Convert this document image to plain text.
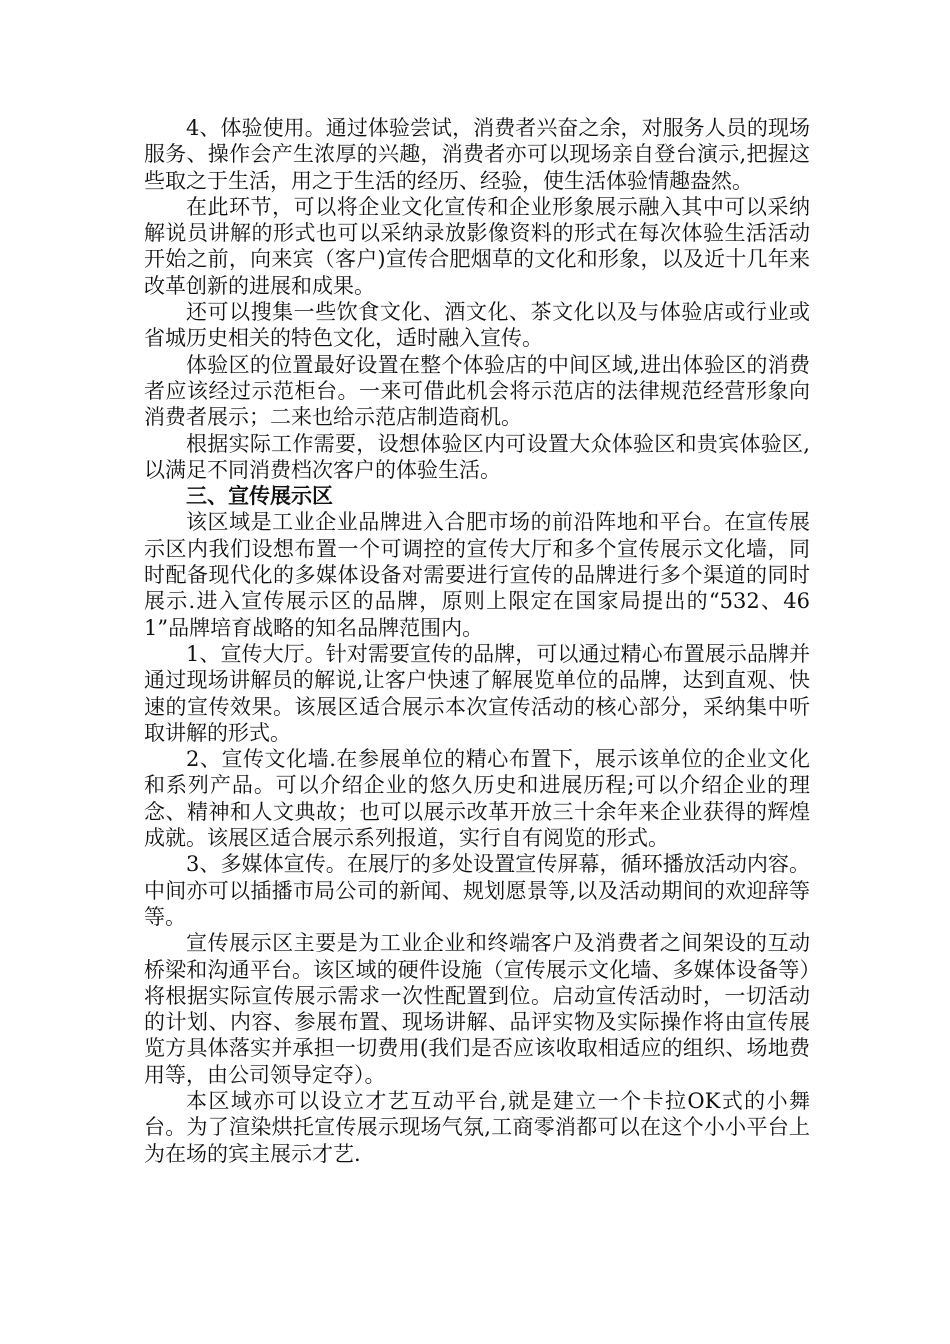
4、体验使用。通过体验尝试，消费者兴奋之余，对服务人员的现场服务、操作会产生浓厚的兴趣，消费者亦可以现场亲自登台演示,把握这些取之于生活，用之于生活的经历、经验，使生活体验情趣盎然。

在此环节，可以将企业文化宣传和企业形象展示融入其中可以采纳解说员讲解的形式也可以采纳录放影像资料的形式在每次体验生活活动开始之前，向来宾（客户)宣传合肥烟草的文化和形象，以及近十几年来改革创新的进展和成果。

还可以搜集一些饮食文化、酒文化、茶文化以及与体验店或行业或省城历史相关的特色文化，适时融入宣传。

体验区的位置最好设置在整个体验店的中间区域,进出体验区的消费者应该经过示范柜台。一来可借此机会将示范店的法律规范经营形象向消费者展示；二来也给示范店制造商机。

根据实际工作需要，设想体验区内可设置大众体验区和贵宾体验区,以满足不同消费档次客户的体验生活。

三、宣传展示区

该区域是工业企业品牌进入合肥市场的前沿阵地和平台。在宣传展示区内我们设想布置一个可调控的宣传大厅和多个宣传展示文化墙，同时配备现代化的多媒体设备对需要进行宣传的品牌进行多个渠道的同时展示.进入宣传展示区的品牌，原则上限定在国家局提出的“532、461”品牌培育战略的知名品牌范围内。

1、宣传大厅。针对需要宣传的品牌，可以通过精心布置展示品牌并通过现场讲解员的解说,让客户快速了解展览单位的品牌，达到直观、快速的宣传效果。该展区适合展示本次宣传活动的核心部分，采纳集中听取讲解的形式。

2、宣传文化墙.在参展单位的精心布置下，展示该单位的企业文化和系列产品。可以介绍企业的悠久历史和进展历程;可以介绍企业的理念、精神和人文典故；也可以展示改革开放三十余年来企业获得的辉煌成就。该展区适合展示系列报道，实行自有阅览的形式。

3、多媒体宣传。在展厅的多处设置宣传屏幕，循环播放活动内容。中间亦可以插播市局公司的新闻、规划愿景等,以及活动期间的欢迎辞等等。

宣传展示区主要是为工业企业和终端客户及消费者之间架设的互动桥梁和沟通平台。该区域的硬件设施（宣传展示文化墙、多媒体设备等）将根据实际宣传展示需求一次性配置到位。启动宣传活动时，一切活动的计划、内容、参展布置、现场讲解、品评实物及实际操作将由宣传展览方具体落实并承担一切费用(我们是否应该收取相适应的组织、场地费用等，由公司领导定夺）。

本区域亦可以设立才艺互动平台,就是建立一个卡拉OK式的小舞台。为了渲染烘托宣传展示现场气氛,工商零消都可以在这个小小平台上为在场的宾主展示才艺.
